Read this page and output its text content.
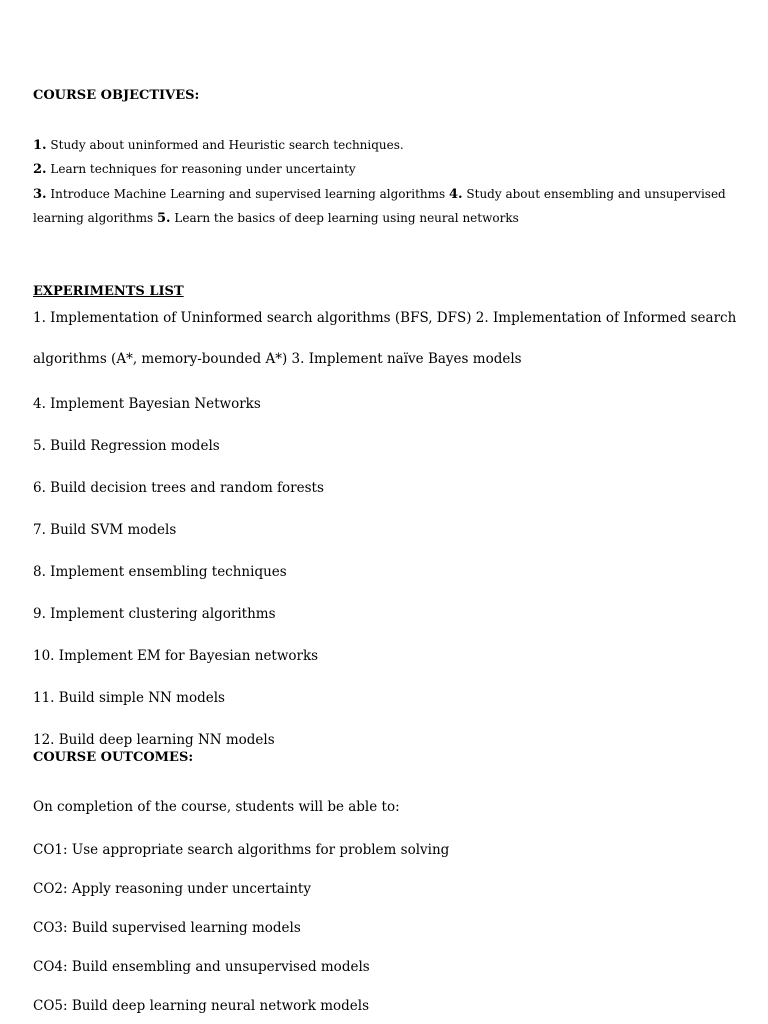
COURSE OBJECTIVES:
1. Study about uninformed and Heuristic search techniques.
2. Learn techniques for reasoning under uncertainty
3. Introduce Machine Learning and supervised learning algorithms 4. Study about ensembling and unsupervised
learning algorithms 5. Learn the basics of deep learning using neural networks
EXPERIMENTS LIST
1. Implementation of Uninformed search algorithms (BFS, DFS) 2. Implementation of Informed search
algorithms (A*, memory-bounded A*) 3. Implement naïve Bayes models
4. Implement Bayesian Networks
5. Build Regression models
6. Build decision trees and random forests
7. Build SVM models
8. Implement ensembling techniques
9. Implement clustering algorithms
10. Implement EM for Bayesian networks
11. Build simple NN models
12. Build deep learning NN models
COURSE OUTCOMES:
On completion of the course, students will be able to:
CO1: Use appropriate search algorithms for problem solving
CO2: Apply reasoning under uncertainty
CO3: Build supervised learning models
CO4: Build ensembling and unsupervised models
CO5: Build deep learning neural network models
